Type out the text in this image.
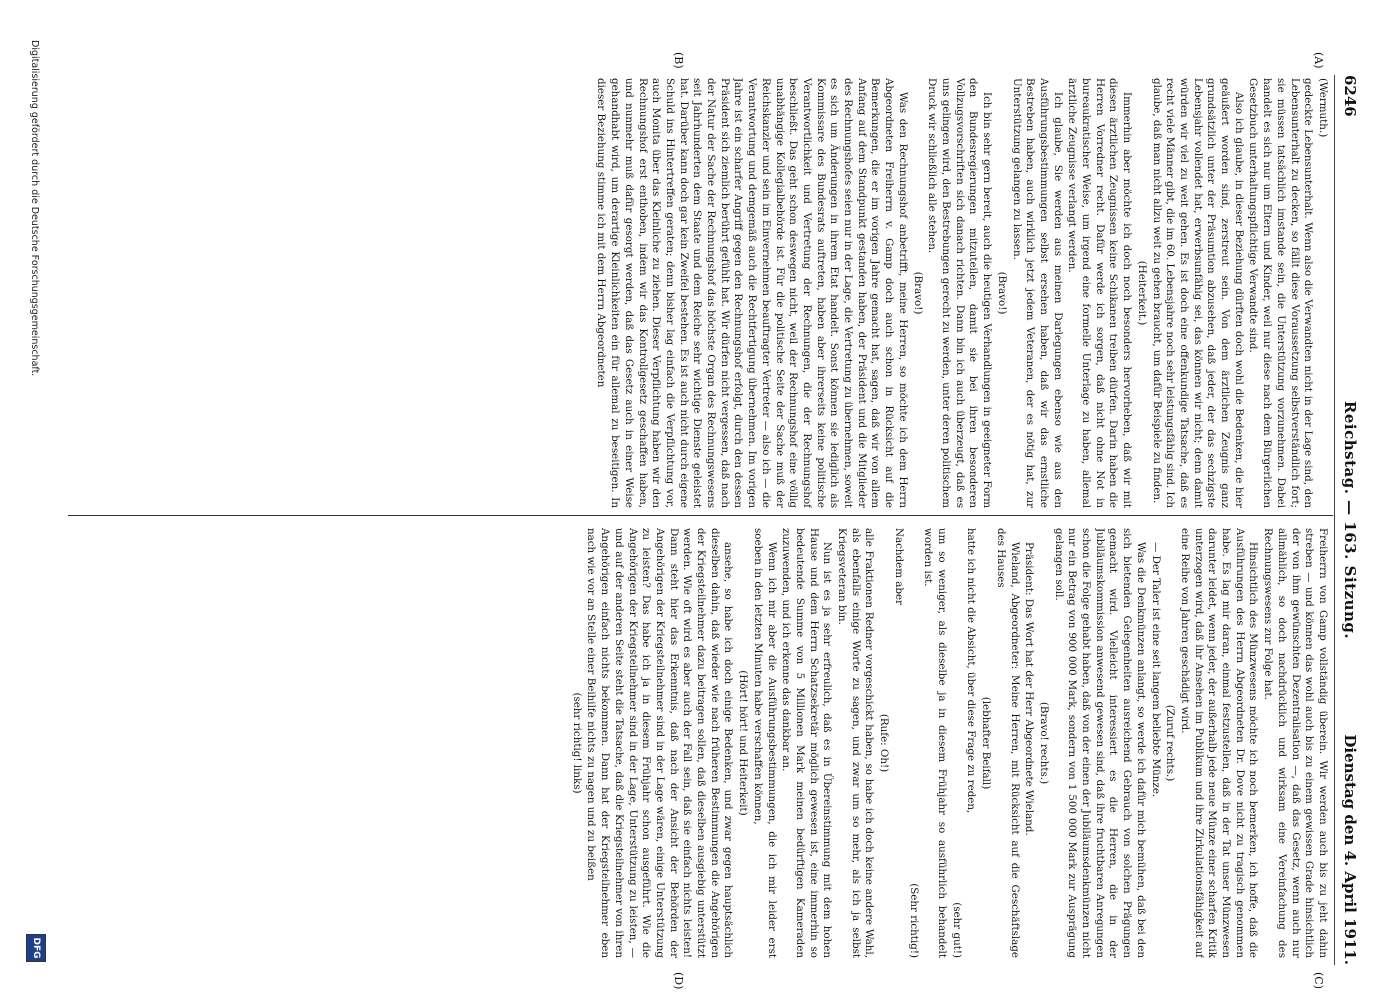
6246
Reichstag. — 163. Sitzung.
Dienstag den 4. April 1911.
(A)
(B)
(C)
(D)

(Wermuth.)

gedeckte Lebensunterhalt. Wenn also die Verwandten nicht in der Lage sind, den Lebensunterhalt zu decken, so fällt diese Voraussetzung selbstverständlich fort; sie müssen tatsächlich imstande sein, die Unterstützung vorzunehmen. Dabei handelt es sich nur um Eltern und Kinder, weil nur diese nach dem Bürgerlichen Gesetzbuch unterhaltungspflichtige Verwandte sind.

Also ich glaube, in dieser Beziehung dürften doch wohl die Bedenken, die hier geäußert worden sind, zerstreut sein. Von dem ärztlichen Zeugnis ganz grundsätzlich unter der Präsumtion abzusehen, daß jeder, der das sechzigste Lebensjahr vollendet hat, erwerbsunfähig sei, das können wir nicht; denn damit würden wir viel zu weit gehen. Es ist doch eine offenkundige Tatsache, daß es recht viele Männer gibt, die im 60. Lebensjahre noch sehr leistungsfähig sind. Ich glaube, daß man nicht allzu weit zu gehen braucht, um dafür Beispiele zu finden.

(Heiterkeit.)

Immerhin aber möchte ich doch noch besonders hervorheben, daß wir mit diesen ärztlichen Zeugnissen keine Schikanen treiben dürfen. Darin haben die Herren Vorredner recht. Dafür werde ich sorgen, daß nicht ohne Not in bureaukratischer Weise, um irgend eine formelle Unterlage zu haben, allemal ärztliche Zeugnisse verlangt werden.

Ich glaube, Sie werden aus meinen Darlegungen ebenso wie aus den Ausführungsbestimmungen selbst ersehen haben, daß wir das ernstliche Bestreben haben, auch wirklich jetzt jedem Veteranen, der es nötig hat, zur Unterstützung gelangen zu lassen.

(Bravo!)

Ich bin sehr gern bereit, auch die heutigen Verhandlungen in geeigneter Form den Bundesregierungen mitzuteilen, damit sie bei ihren besonderen Vollzugsvorschriften sich danach richten. Dann bin ich auch überzeugt, daß es uns gelingen wird, den Bestrebungen gerecht zu werden, unter deren politischem Druck wir schließlich alle stehen.

(Bravo!)

Was den Rechnungshof anbetrifft, meine Herren, so möchte ich dem Herrn Abgeordneten Freiherrn v. Gamp doch auch schon in Rücksicht auf die Bemerkungen, die er im vorigen Jahre gemacht hat, sagen, daß wir von allem Anfang auf dem Standpunkt gestanden haben, der Präsident und die Mitglieder des Rechnungshofes seien nur in der Lage, die Vertretung zu übernehmen, soweit es sich um Änderungen in ihrem Etat handelt. Sonst können sie lediglich als Kommissare des Bundesrats auftreten, haben aber ihrerseits keine politische Verantwortlichkeit und Vertretung der Rechnungen, die der Rechnungshof beschließt. Das geht schon deswegen nicht, weil der Rechnungshof eine völlig unabhängige Kollegialbehörde ist. Für die politische Seite der Sache muß der Reichskanzler und sein im Einvernehmen beauftragter Vertreter — also ich — die Verantwortung und demgemäß auch die Rechtfertigung übernehmen. Im vorigen Jahre ist ein scharfer Angriff gegen den Rechnungshof erfolgt, durch den dessen Präsident sich ziemlich berührt gefühlt hat. Wir dürfen nicht vergessen, daß nach der Natur der Sache der Rechnungshof das höchste Organ des Rechnungswesens seit Jahrhunderten dem Staate und dem Reiche sehr wichtige Dienste geleistet hat. Darüber kann doch gar kein Zweifel bestehen. Es ist auch nicht durch eigene Schuld ins Hintertreffen geraten; denn bisher lag einfach die Verpflichtung vor, auch Monita über das Kleinliche zu ziehen. Dieser Verpflichtung haben wir den Rechnungshof erst enthoben, indem wir das Kontrollgesetz geschaffen haben, und nunmehr muß dafür gesorgt werden, daß das Gesetz auch in einer Weise gehandhabt wird, um derartige Kleinlichkeiten ein für allemal zu beseitigen. In dieser Beziehung stimme ich mit dem Herrn Abgeordneten

Freiherrn von Gamp vollständig überein. Wir werden auch bis zu jeht dahin streben — und können das wohl auch bis zu einem gewissen Grade hinsichtlich der von ihm gewünschten Dezentralisation —, daß das Gesetz, wenn auch nur allmählich, so doch nachdrücklich und wirksam eine Vereinfachung des Rechnungswesens zur Folge hat.

Hinsichtlich des Münzwesens möchte ich noch bemerken, ich hoffe, daß die Ausführungen des Herrn Abgeordneten Dr. Dove nicht zu tragisch genommen habe. Es lag mir daran, einmal festzustellen, daß in der Tat unser Münzwesen darunter leidet, wenn jeder, der außerhalb jede neue Münze einer scharfen Kritik unterzogen wird, daß ihr Ansehen im Publikum und ihre Zirkulationsfähigkeit auf eine Reihe von Jahren geschädigt wird.

(Zuruf rechts.)

— Der Taler ist eine seit langem beliebte Münze.

Was die Denkmünzen anlangt, so werde ich dafür mich bemühen, daß bei den sich bietenden Gelegenheiten ausreichend Gebrauch von solchen Prägungen gemacht wird. Vielleicht interessiert es die Herren, die in der Jubiläumskommission anwesend gewesen sind, daß ihre fruchtbaren Anregungen schon die Folge gehabt haben, daß von der einen der Jubiläumsdenkmünzen nicht nur ein Betrag von 900 000 Mark, sondern von 1 500 000 Mark zur Ausprägung gelangen soll.

(Bravo! rechts.)

Präsident: Das Wort hat der Herr Abgeordnete Wieland.

Wieland, Abgeordneter: Meine Herren, mit Rücksicht auf die Geschäftslage des Hauses

(lebhafter Beifall)

hatte ich nicht die Absicht, über diese Frage zu reden,

(sehr gut!)

um so weniger, als dieselbe ja in diesem Frühjahr so ausführlich behandelt worden ist.

(Sehr richtig!)

Nachdem aber

(Rufe: Oh!)

alle Fraktionen Redner vorgeschickt haben, so habe ich doch keine andere Wahl, als ebenfalls einige Worte zu sagen, und zwar um so mehr, als ich ja selbst Kriegsveteran bin.

Nun ist es ja sehr erfreulich, daß es in Übereinstimmung mit dem hohen Hause und dem Herrn Schatzsekretär möglich gewesen ist, eine immerhin so bedeutende Summe von 5 Millionen Mark meinen bedürftigen Kameraden zuzuwenden, und ich erkenne das dankbar an.

Wenn ich mir aber die Ausführungsbestimmungen, die ich mir leider erst soeben in den letzten Minuten habe verschaffen können,

(Hört! hört! und Heiterkeit)

ansehe, so habe ich doch einige Bedenken, und zwar gegen hauptsächlich dieselben dahin, daß wieder wie nach früheren Bestimmungen die Angehörigen der Kriegsteilnehmer dazu beitragen sollen, daß dieselben ausgiebig unterstützt werden. Wie oft wird es aber auch der Fall sein, daß sie einfach nichts leisten! Dann steht hier das Erkenntnis, daß nach der Ansicht der Behörden der Angehörigen der Kriegsteilnehmer sind in der Lage wären, einige Unterstützung zu leisten? Das habe ich ja in diesem Frühjahr schon ausgeführt. Wie die Angehörigen der Kriegsteilnehmer sind in der Lage, Unterstützung zu leisten, — und auf der anderen Seite steht die Tatsache, daß die Kriegsteilnehmer von ihren Angehörigen einfach nichts bekommen. Dann hat der Kriegsteilnehmer eben nach wie vor an Stelle einer Beihilfe nichts zu nagen und zu beißen

(sehr richtig! links)

Digitalisierung gefördert durch die Deutsche Forschungsgemeinschaft.
DFG
